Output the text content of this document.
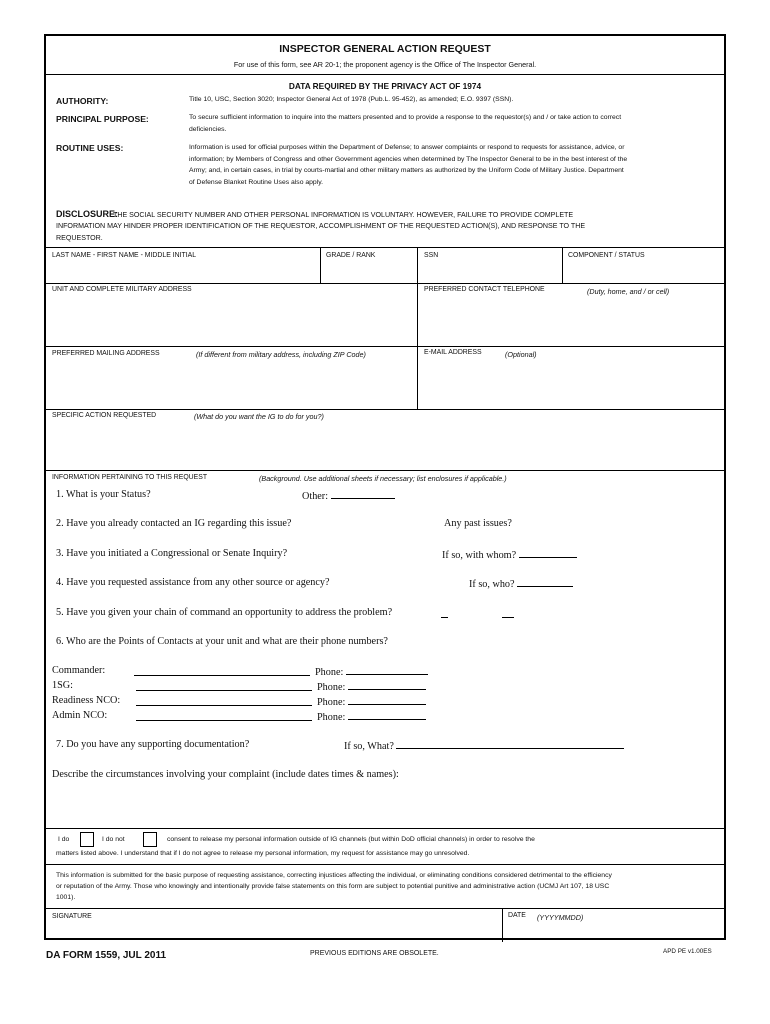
INSPECTOR GENERAL ACTION REQUEST
For use of this form, see AR 20-1; the proponent agency is the Office of The Inspector General.
DATA REQUIRED BY THE PRIVACY ACT OF 1974
AUTHORITY:	Title 10, USC, Section 3020; Inspector General Act of 1978 (Pub.L. 95-452), as amended; E.O. 9397 (SSN).
PRINCIPAL PURPOSE:	To secure sufficient information to inquire into the matters presented and to provide a response to the requestor(s) and / or take action to correct deficiencies.
ROUTINE USES:	Information is used for official purposes within the Department of Defense; to answer complaints or respond to requests for assistance, advice, or information; by Members of Congress and other Government agencies when determined by The Inspector General to be in the best interest of the Army; and, in certain cases, in trial by courts-martial and other military matters as authorized by the Uniform Code of Military Justice. Department of Defense Blanket Routine Uses also apply.
DISCLOSURE:
THE SOCIAL SECURITY NUMBER AND OTHER PERSONAL INFORMATION IS VOLUNTARY. HOWEVER, FAILURE TO PROVIDE COMPLETE INFORMATION MAY HINDER PROPER IDENTIFICATION OF THE REQUESTOR, ACCOMPLISHMENT OF THE REQUESTED ACTION(S), AND RESPONSE TO THE REQUESTOR.
LAST NAME - FIRST NAME - MIDDLE INITIAL	GRADE / RANK	SSN	COMPONENT / STATUS
UNIT AND COMPLETE MILITARY ADDRESS	PREFERRED CONTACT TELEPHONE	(Duty, home, and / or cell)
PREFERRED MAILING ADDRESS	(If different from military address, including ZIP Code)	E-MAIL ADDRESS	(Optional)
SPECIFIC ACTION REQUESTED	(What do you want the IG to do for you?)
INFORMATION PERTAINING TO THIS REQUEST	(Background. Use additional sheets if necessary; list enclosures if applicable.)
1. What is your Status?	Other:
2. Have you already contacted an IG regarding this issue?	Any past issues?
3. Have you initiated a Congressional or Senate Inquiry?	If so, with whom?
4. Have you requested assistance from any other source or agency?	If so, who?
5. Have you given your chain of command an opportunity to address the problem?
6. Who are the Points of Contacts at your unit and what are their phone numbers?
Commander:	Phone:
1SG:	Phone:
Readiness NCO:	Phone:
Admin NCO:	Phone:
7. Do you have any supporting documentation?	If so, What?
Describe the circumstances involving your complaint (include dates times & names):
I do	I do not	consent to release my personal information outside of IG channels (but within DoD official channels) in order to resolve the
matters listed above. I understand that if I do not agree to release my personal information, my request for assistance may go unresolved.
This information is submitted for the basic purpose of requesting assistance, correcting injustices affecting the individual, or eliminating conditions considered detrimental to the efficiency or reputation of the Army. Those who knowingly and intentionally provide false statements on this form are subject to potential punitive and administrative action (UCMJ Art 107, 18 USC 1001).
SIGNATURE	DATE (YYYYMMDD)
DA FORM 1559, JUL 2011	PREVIOUS EDITIONS ARE OBSOLETE.	APD PE v1.00ES
